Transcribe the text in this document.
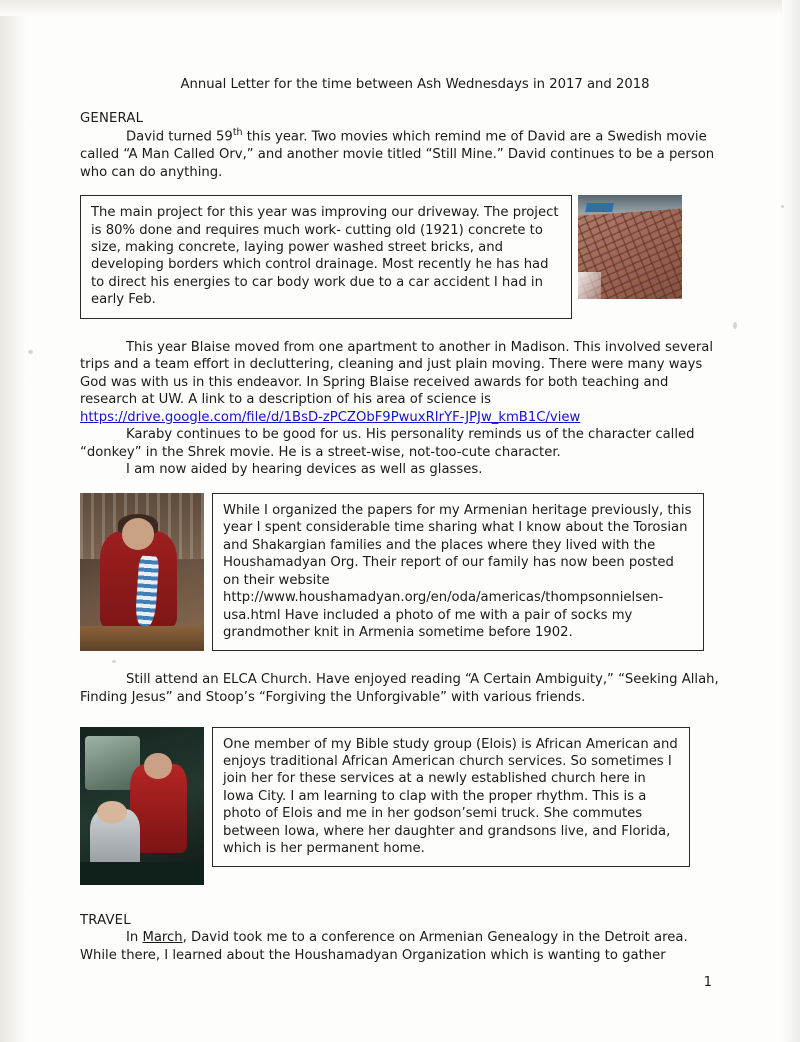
Annual Letter for the time between Ash Wednesdays in 2017 and 2018
GENERAL

David turned 59th this year. Two movies which remind me of David are a Swedish movie called “A Man Called Orv,” and another movie titled “Still Mine.” David continues to be a person who can do anything.

The main project for this year was improving our driveway. The project is 80% done and requires much work- cutting old (1921) concrete to size, making concrete, laying power washed street bricks, and developing borders which control drainage. Most recently he has had to direct his energies to car body work due to a car accident I had in early Feb.

This year Blaise moved from one apartment to another in Madison. This involved several trips and a team effort in decluttering, cleaning and just plain moving. There were many ways God was with us in this endeavor. In Spring Blaise received awards for both teaching and research at UW. A link to a description of his area of science is

https://drive.google.com/file/d/1BsD-zPCZObF9PwuxRIrYF-JPJw_kmB1C/view

Karaby continues to be good for us. His personality reminds us of the character called “donkey” in the Shrek movie. He is a street-wise, not-too-cute character.

I am now aided by hearing devices as well as glasses.

While I organized the papers for my Armenian heritage previously, this year I spent considerable time sharing what I know about the Torosian and Shakargian families and the places where they lived with the Houshamadyan Org. Their report of our family has now been posted on their website http://www.houshamadyan.org/en/oda/americas/thompsonnielsen-usa.html Have included a photo of me with a pair of socks my grandmother knit in Armenia sometime before 1902.

Still attend an ELCA Church. Have enjoyed reading “A Certain Ambiguity,” “Seeking Allah, Finding Jesus” and Stoop’s “Forgiving the Unforgivable” with various friends.

One member of my Bible study group (Elois) is African American and enjoys traditional African American church services. So sometimes I join her for these services at a newly established church here in Iowa City. I am learning to clap with the proper rhythm. This is a photo of Elois and me in her godson’semi truck. She commutes between Iowa, where her daughter and grandsons live, and Florida, which is her permanent home.
TRAVEL

In March, David took me to a conference on Armenian Genealogy in the Detroit area. While there, I learned about the Houshamadyan Organization which is wanting to gather

1
